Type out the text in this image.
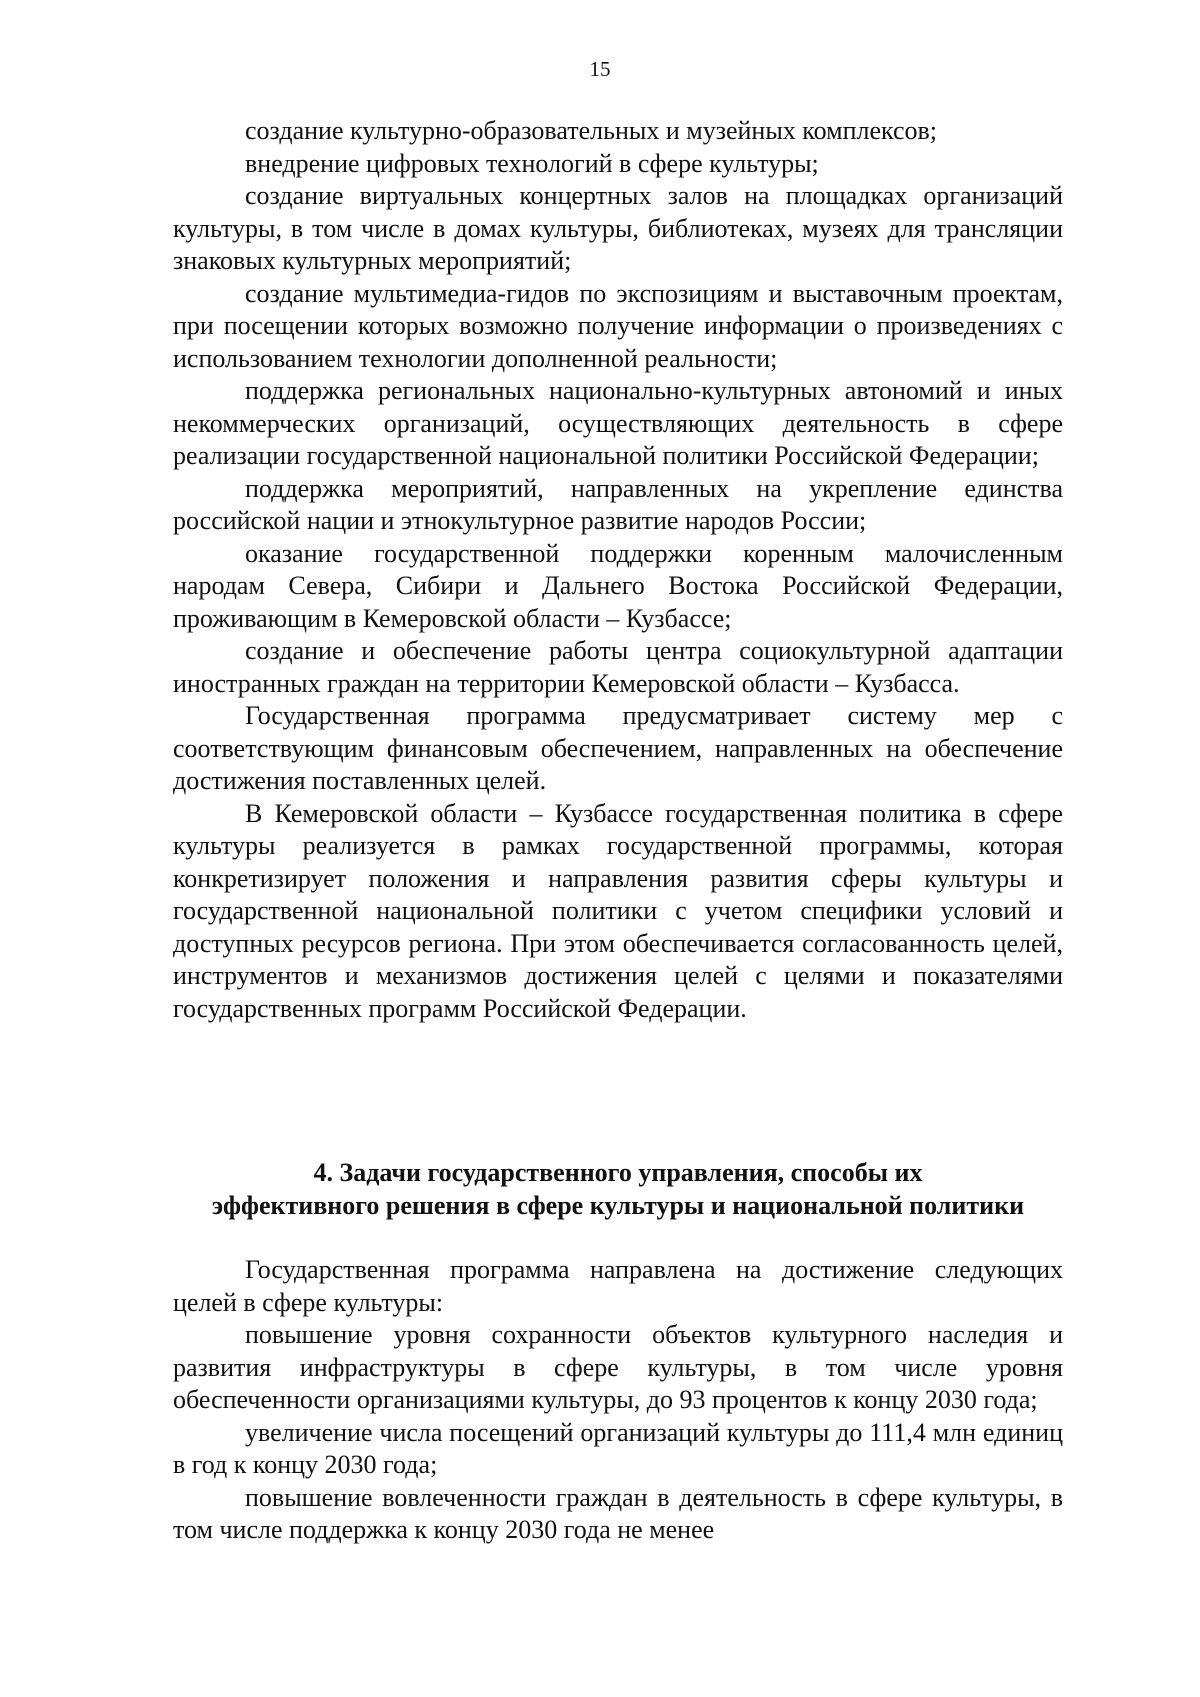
15

создание культурно-образовательных и музейных комплексов;

внедрение цифровых технологий в сфере культуры;

создание виртуальных концертных залов на площадках организаций культуры, в том числе в домах культуры, библиотеках, музеях для трансляции знаковых культурных мероприятий;

создание мультимедиа-гидов по экспозициям и выставочным проектам, при посещении которых возможно получение информации о произведениях с использованием технологии дополненной реальности;

поддержка региональных национально-культурных автономий и иных некоммерческих организаций, осуществляющих деятельность в сфере реализации государственной национальной политики Российской Федерации;

поддержка мероприятий, направленных на укрепление единства российской нации и этнокультурное развитие народов России;

оказание государственной поддержки коренным малочисленным народам Севера, Сибири и Дальнего Востока Российской Федерации, проживающим в Кемеровской области – Кузбассе;

создание и обеспечение работы центра социокультурной адаптации иностранных граждан на территории Кемеровской области – Кузбасса.

Государственная программа предусматривает систему мер с соответствующим финансовым обеспечением, направленных на обеспечение достижения поставленных целей.

В Кемеровской области – Кузбассе государственная политика в сфере культуры реализуется в рамках государственной программы, которая конкретизирует положения и направления развития сферы культуры и государственной национальной политики с учетом специфики условий и доступных ресурсов региона. При этом обеспечивается согласованность целей, инструментов и механизмов достижения целей с целями и показателями государственных программ Российской Федерации.

4. Задачи государственного управления, способы их
эффективного решения в сфере культуры и национальной политики

Государственная программа направлена на достижение следующих целей в сфере культуры:

повышение уровня сохранности объектов культурного наследия и развития инфраструктуры в сфере культуры, в том числе уровня обеспеченности организациями культуры, до 93 процентов к концу 2030 года;

увеличение числа посещений организаций культуры до 111,4 млн единиц в год к концу 2030 года;

повышение вовлеченности граждан в деятельность в сфере культуры, в том числе поддержка к концу 2030 года не менее
